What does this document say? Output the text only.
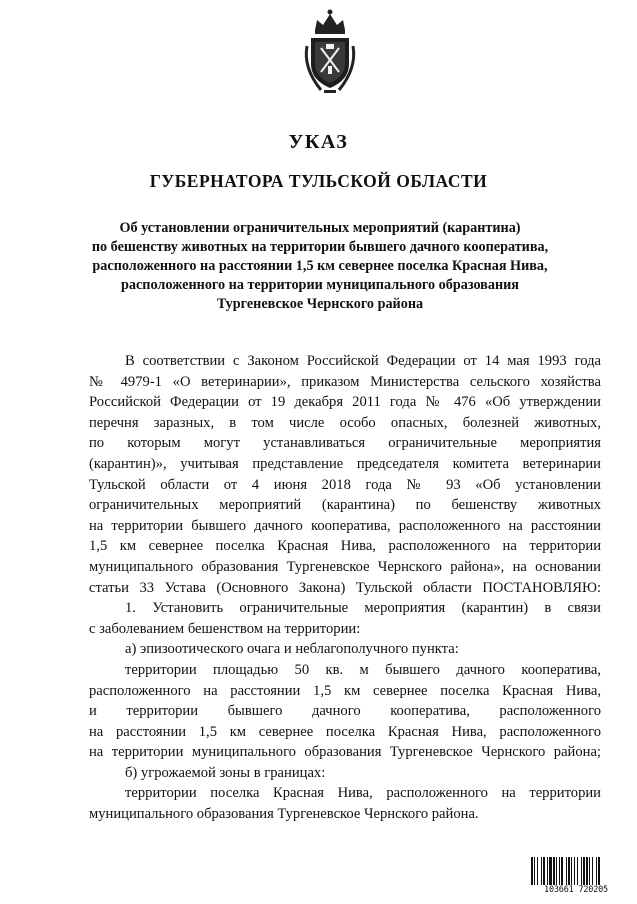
УКАЗ
ГУБЕРНАТОРА ТУЛЬСКОЙ ОБЛАСТИ
Об установлении ограничительных мероприятий (карантина)
по бешенству животных на территории бывшего дачного кооператива,
расположенного на расстоянии 1,5 км севернее поселка Красная Нива,
расположенного на территории муниципального образования
Тургеневское Чернского района
В соответствии с Законом Российской Федерации от 14 мая 1993 года
№ 4979-1 «О ветеринарии», приказом Министерства сельского хозяйства
Российской Федерации от 19 декабря 2011 года № 476 «Об утверждении
перечня заразных, в том числе особо опасных, болезней животных,
по которым могут устанавливаться ограничительные мероприятия
(карантин)», учитывая представление председателя комитета ветеринарии
Тульской области от 4 июня 2018 года № 93 «Об установлении
ограничительных мероприятий (карантина) по бешенству животных
на территории бывшего дачного кооператива, расположенного на расстоянии
1,5 км севернее поселка Красная Нива, расположенного на территории
муниципального образования Тургеневское Чернского района», на основании
статьи 33 Устава (Основного Закона) Тульской области ПОСТАНОВЛЯЮ:
1. Установить ограничительные мероприятия (карантин) в связи
с заболеванием бешенством на территории:
а) эпизоотического очага и неблагополучного пункта:
территории площадью 50 кв. м бывшего дачного кооператива,
расположенного на расстоянии 1,5 км севернее поселка Красная Нива,
и территории бывшего дачного кооператива, расположенного
на расстоянии 1,5 км севернее поселка Красная Нива, расположенного
на территории муниципального образования Тургеневское Чернского района;
б) угрожаемой зоны в границах:
территории поселка Красная Нива, расположенного на территории
муниципального образования Тургеневское Чернского района.
103661 720205
